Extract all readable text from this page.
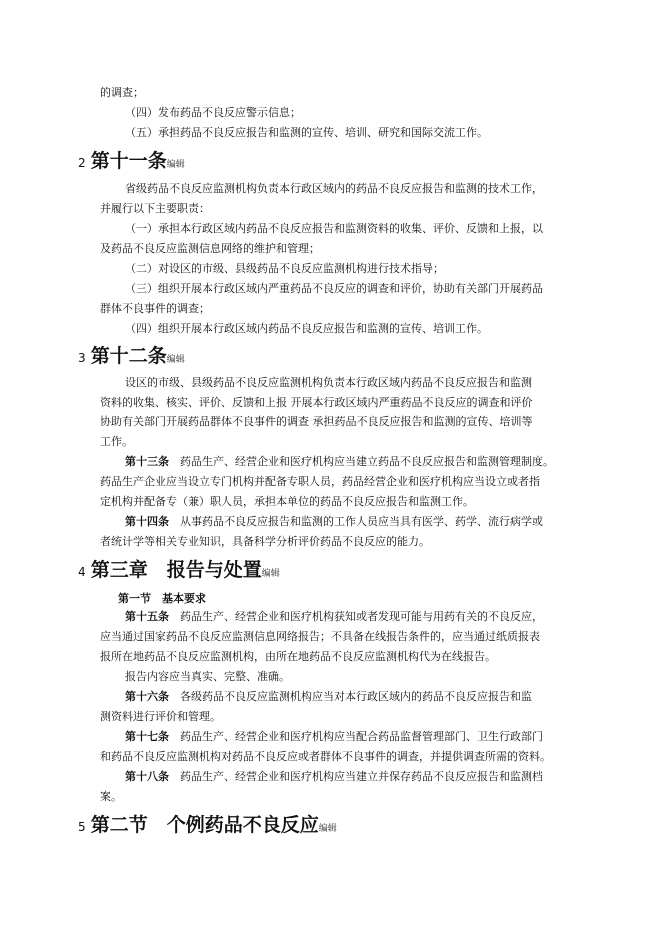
的调查；
（四）发布药品不良反应警示信息；
（五）承担药品不良反应报告和监测的宣传、培训、研究和国际交流工作。
2 第十一条编辑
省级药品不良反应监测机构负责本行政区域内的药品不良反应报告和监测的技术工作，
并履行以下主要职责：
（一）承担本行政区域内药品不良反应报告和监测资料的收集、评价、反馈和上报，以
及药品不良反应监测信息网络的维护和管理；
（二）对设区的市级、县级药品不良反应监测机构进行技术指导；
（三）组织开展本行政区域内严重药品不良反应的调查和评价，协助有关部门开展药品
群体不良事件的调查；
（四）组织开展本行政区域内药品不良反应报告和监测的宣传、培训工作。
3 第十二条编辑
设区的市级、县级药品不良反应监测机构负责本行政区域内药品不良反应报告和监测
资料的收集、核实、评价、反馈和上报 开展本行政区域内严重药品不良反应的调查和评价
协助有关部门开展药品群体不良事件的调查 承担药品不良反应报告和监测的宣传、培训等
工作。
第十三条　 药品生产、经营企业和医疗机构应当建立药品不良反应报告和监测管理制度。
药品生产企业应当设立专门机构并配备专职人员，药品经营企业和医疗机构应当设立或者指
定机构并配备专（兼）职人员，承担本单位的药品不良反应报告和监测工作。
第十四条　 从事药品不良反应报告和监测的工作人员应当具有医学、药学、流行病学或
者统计学等相关专业知识，具备科学分析评价药品不良反应的能力。
4 第三章　报告与处置编辑
第一节　基本要求
第十五条　 药品生产、经营企业和医疗机构获知或者发现可能与用药有关的不良反应，
应当通过国家药品不良反应监测信息网络报告；不具备在线报告条件的，应当通过纸质报表
报所在地药品不良反应监测机构，由所在地药品不良反应监测机构代为在线报告。
报告内容应当真实、完整、准确。
第十六条　 各级药品不良反应监测机构应当对本行政区域内的药品不良反应报告和监
测资料进行评价和管理。
第十七条　 药品生产、经营企业和医疗机构应当配合药品监督管理部门、卫生行政部门
和药品不良反应监测机构对药品不良反应或者群体不良事件的调查，并提供调查所需的资料。
第十八条　 药品生产、经营企业和医疗机构应当建立并保存药品不良反应报告和监测档
案。
5 第二节　个例药品不良反应编辑
